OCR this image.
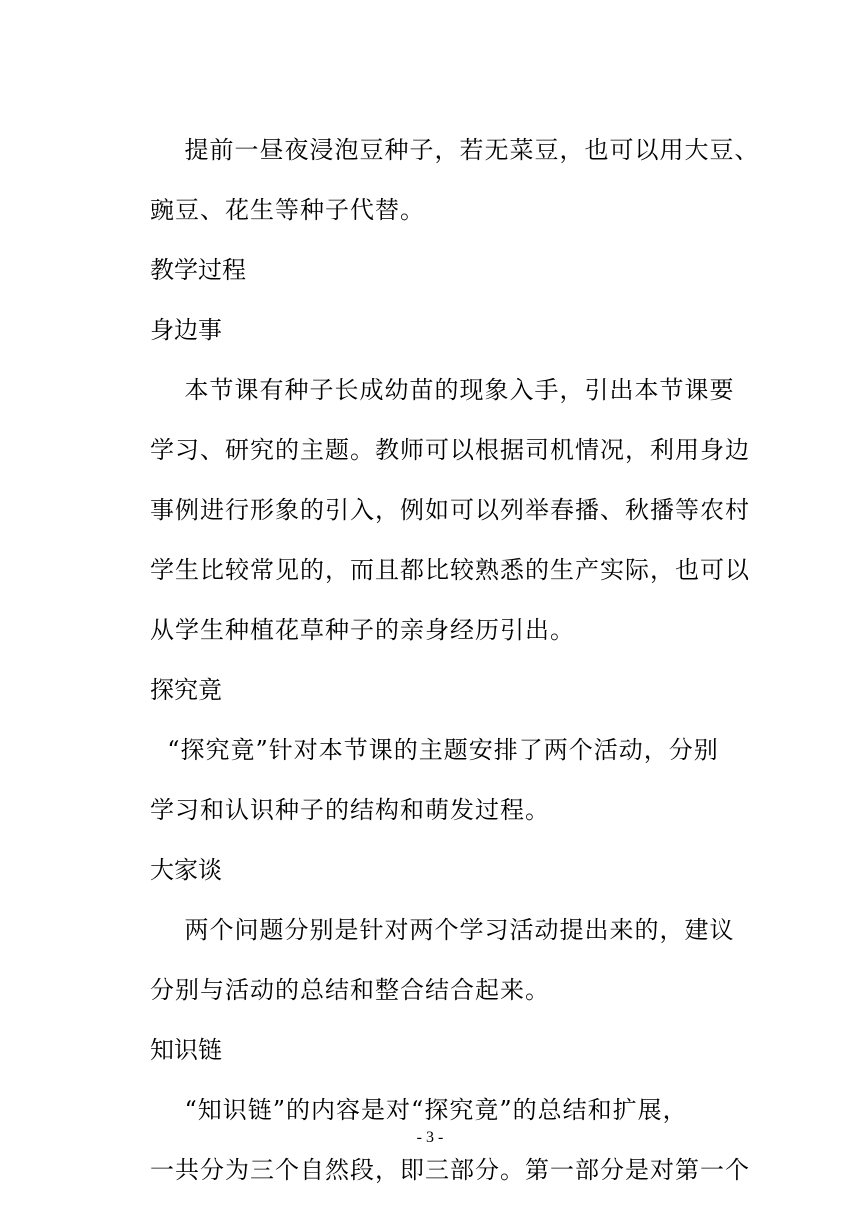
提前一昼夜浸泡豆种子，若无菜豆，也可以用大豆、
豌豆、花生等种子代替。
教学过程
身边事
本节课有种子长成幼苗的现象入手，引出本节课要
学习、研究的主题。教师可以根据司机情况，利用身边
事例进行形象的引入，例如可以列举春播、秋播等农村
学生比较常见的，而且都比较熟悉的生产实际，也可以
从学生种植花草种子的亲身经历引出。
探究竟
“探究竟”针对本节课的主题安排了两个活动，分别
学习和认识种子的结构和萌发过程。
大家谈
两个问题分别是针对两个学习活动提出来的，建议
分别与活动的总结和整合结合起来。
知识链
“知识链”的内容是对“探究竟”的总结和扩展，
一共分为三个自然段，即三部分。第一部分是对第一个
- 3 -
